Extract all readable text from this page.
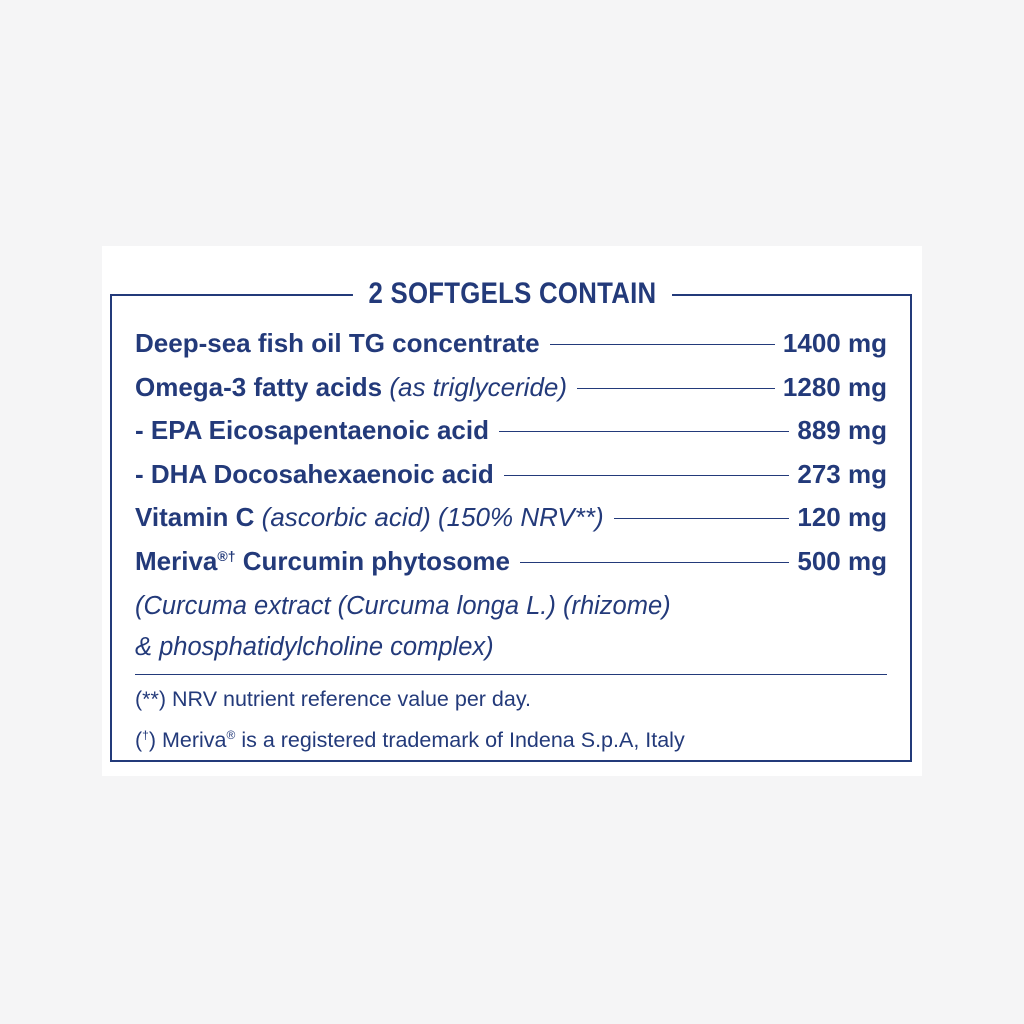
2 SOFTGELS CONTAIN
Deep-sea fish oil TG concentrate	1400 mg
Omega-3 fatty acids (as triglyceride)	1280 mg
- EPA Eicosapentaenoic acid	889 mg
- DHA Docosahexaenoic acid	273 mg
Vitamin C (ascorbic acid) (150% NRV**)	120 mg
Meriva®† Curcumin phytosome	500 mg
(Curcuma extract (Curcuma longa L.) (rhizome)
& phosphatidylcholine complex)
(**) NRV nutrient reference value per day.
(†) Meriva® is a registered trademark of Indena S.p.A, Italy
